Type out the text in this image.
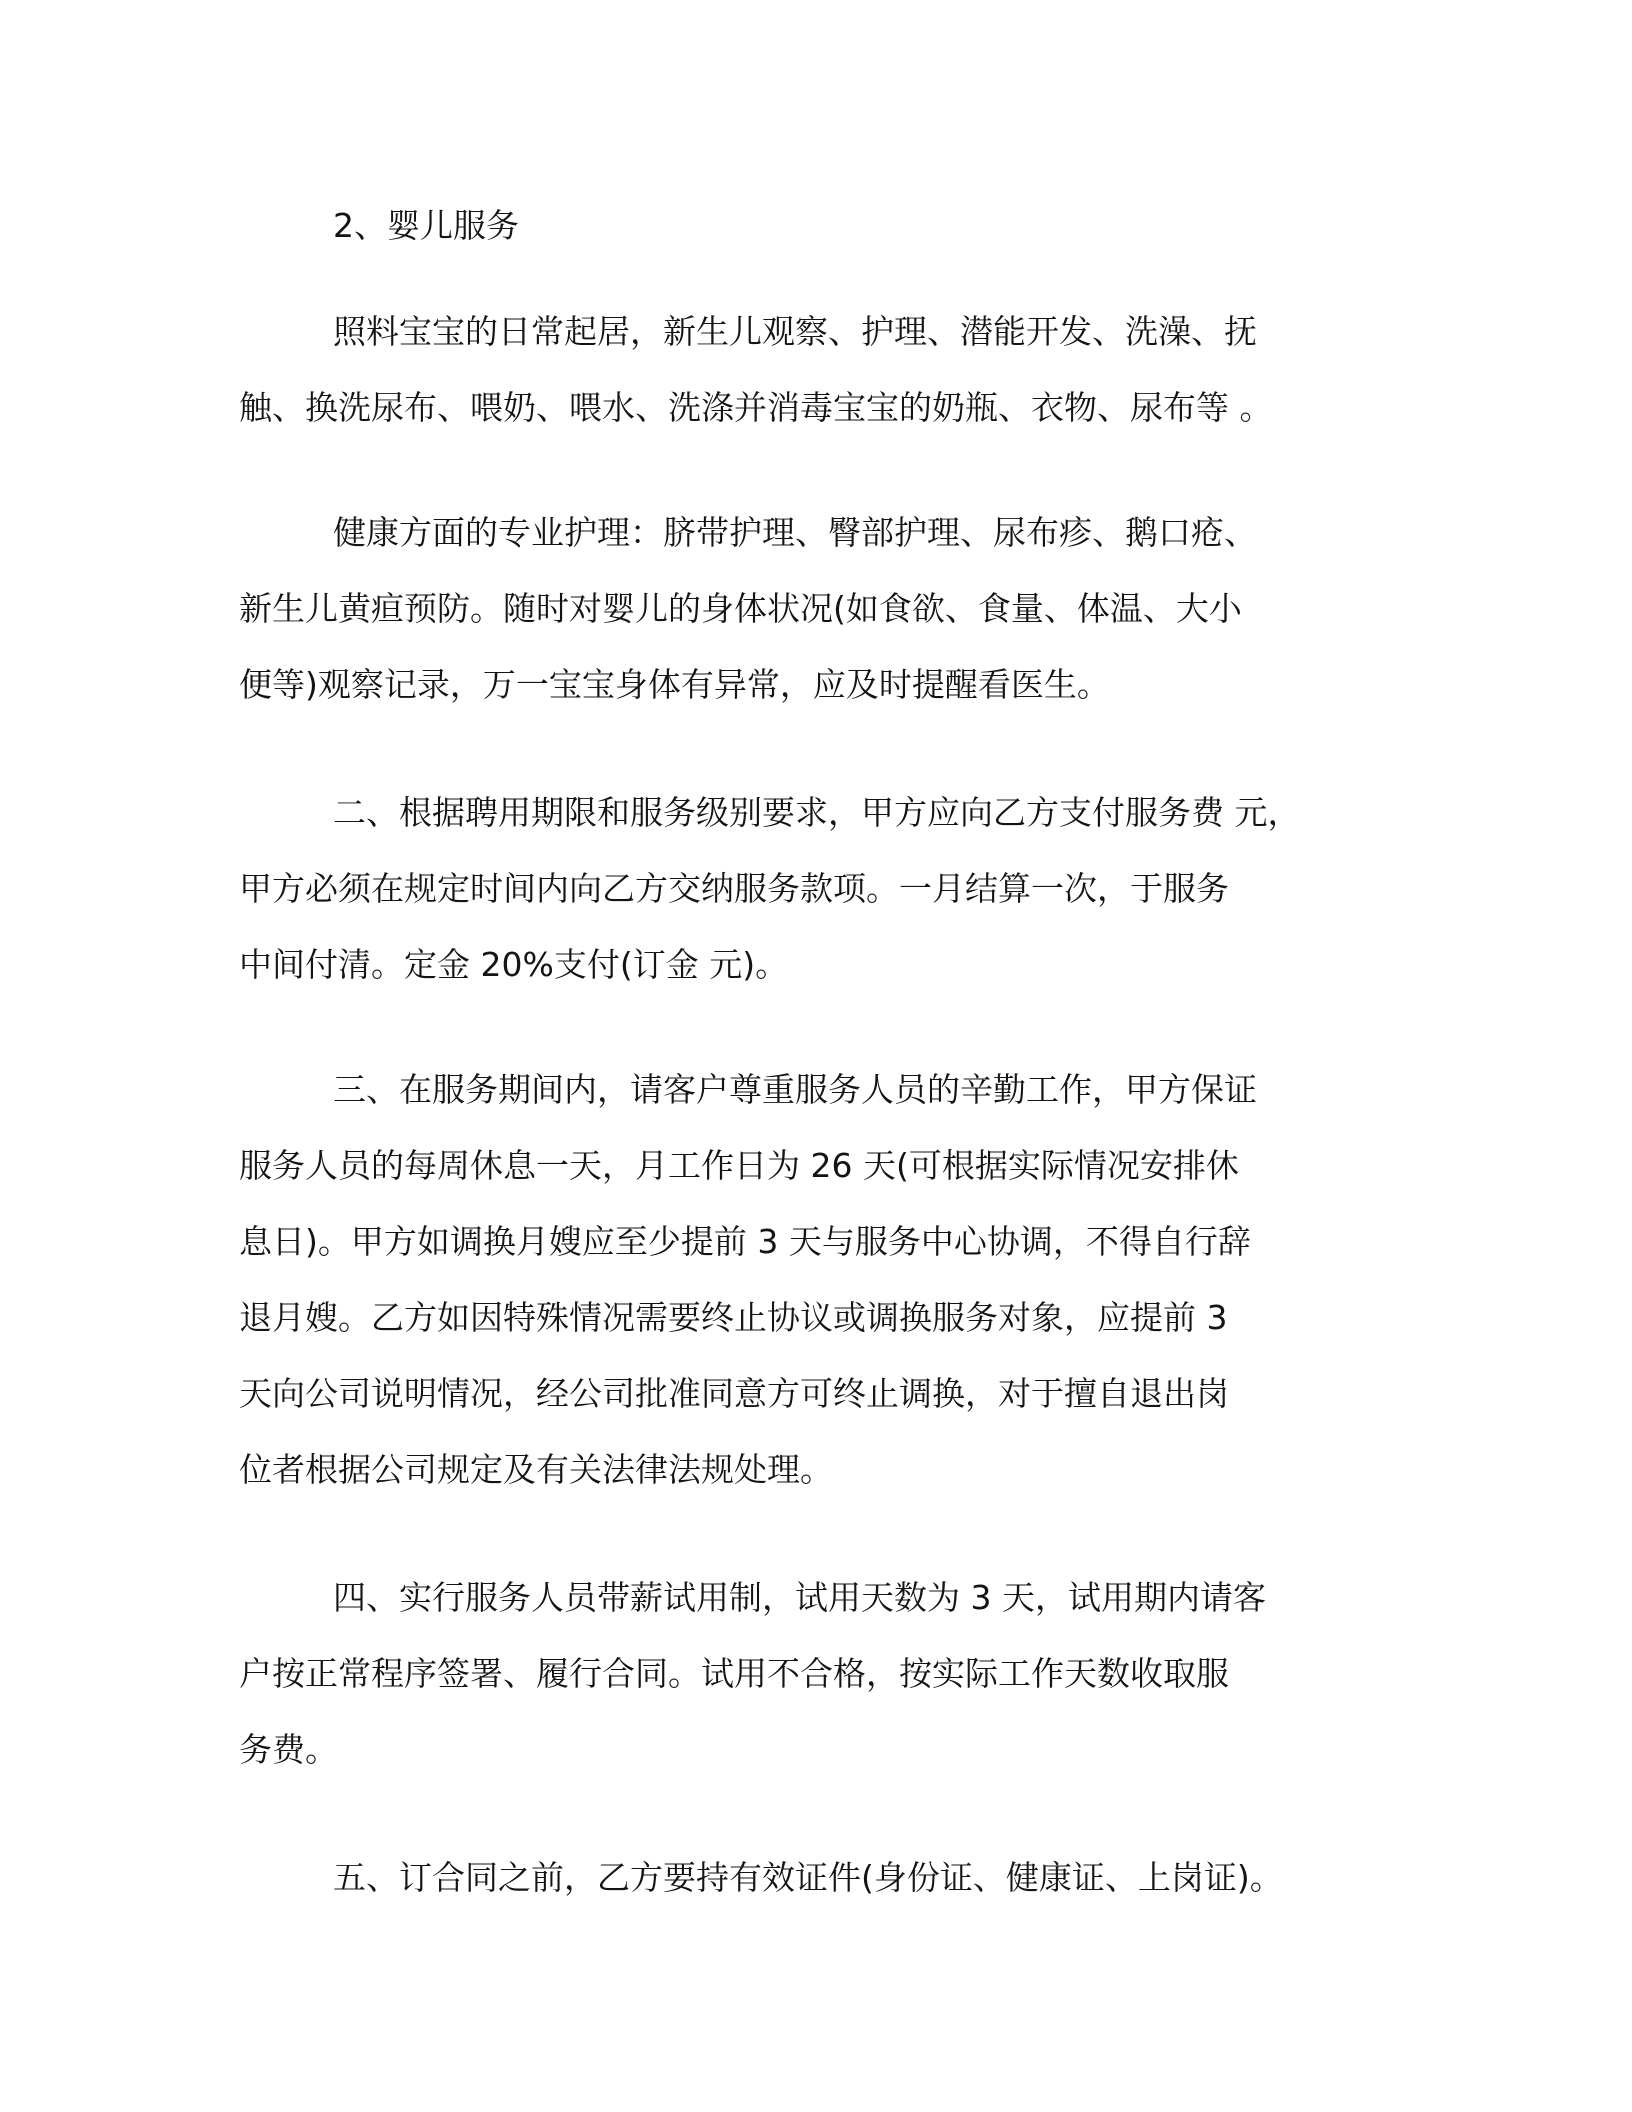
2、婴儿服务

照料宝宝的日常起居，新生儿观察、护理、潜能开发、洗澡、抚
触、换洗尿布、喂奶、喂水、洗涤并消毒宝宝的奶瓶、衣物、尿布等 。

健康方面的专业护理：脐带护理、臀部护理、尿布疹、鹅口疮、
新生儿黄疸预防。随时对婴儿的身体状况(如食欲、食量、体温、大小
便等)观察记录，万一宝宝身体有异常，应及时提醒看医生。

二、根据聘用期限和服务级别要求，甲方应向乙方支付服务费 元，
甲方必须在规定时间内向乙方交纳服务款项。一月结算一次，于服务
中间付清。定金 20%支付(订金 元)。

三、在服务期间内，请客户尊重服务人员的辛勤工作，甲方保证
服务人员的每周休息一天，月工作日为 26 天(可根据实际情况安排休
息日)。甲方如调换月嫂应至少提前 3 天与服务中心协调，不得自行辞
退月嫂。乙方如因特殊情况需要终止协议或调换服务对象，应提前 3
天向公司说明情况，经公司批准同意方可终止调换，对于擅自退出岗
位者根据公司规定及有关法律法规处理。

四、实行服务人员带薪试用制，试用天数为 3 天，试用期内请客
户按正常程序签署、履行合同。试用不合格，按实际工作天数收取服
务费。

五、订合同之前，乙方要持有效证件(身份证、健康证、上岗证)。
